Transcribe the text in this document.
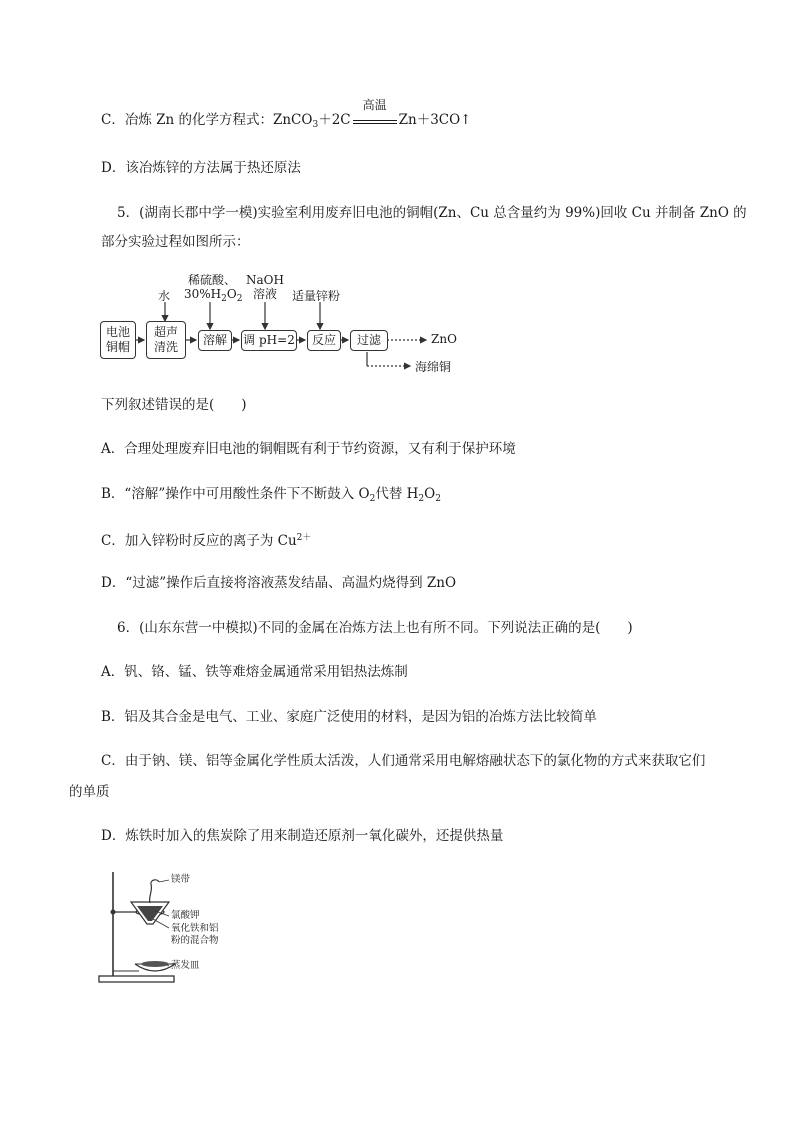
C．冶炼 Zn 的化学方程式：ZnCO$_3$＋2C
高温
Zn＋3CO↑
D．该冶炼锌的方法属于热还原法
5．(湖南长郡中学一模)实验室利用废弃旧电池的铜帽(Zn、Cu 总含量约为 99%)回收 Cu 并制备 ZnO 的
部分实验过程如图所示：
电池
铜帽
超声
清洗	溶解	调 pH=2	反应	过滤
水
稀硫酸、
$30\%H_2O_2$
NaOH
溶液	适量锌粉
ZnO
海绵铜
下列叙述错误的是(　　)
A．合理处理废弃旧电池的铜帽既有利于节约资源，又有利于保护环境
B．“溶解”操作中可用酸性条件下不断鼓入 $O_2$代替 $H_2O_2$
C．加入锌粉时反应的离子为 $Cu^{2+}$
D．“过滤”操作后直接将溶液蒸发结晶、高温灼烧得到 ZnO
6．(山东东营一中模拟)不同的金属在冶炼方法上也有所不同。下列说法正确的是(　　)
A．钒、铬、锰、铁等难熔金属通常采用铝热法炼制
B．铝及其合金是电气、工业、家庭广泛使用的材料，是因为铝的冶炼方法比较简单
C．由于钠、镁、铝等金属化学性质太活泼，人们通常采用电解熔融状态下的氯化物的方式来获取它们
的单质
D．炼铁时加入的焦炭除了用来制造还原剂一氧化碳外，还提供热量
镁带
氯酸钾
氧化铁和铝
粉的混合物
蒸发皿
